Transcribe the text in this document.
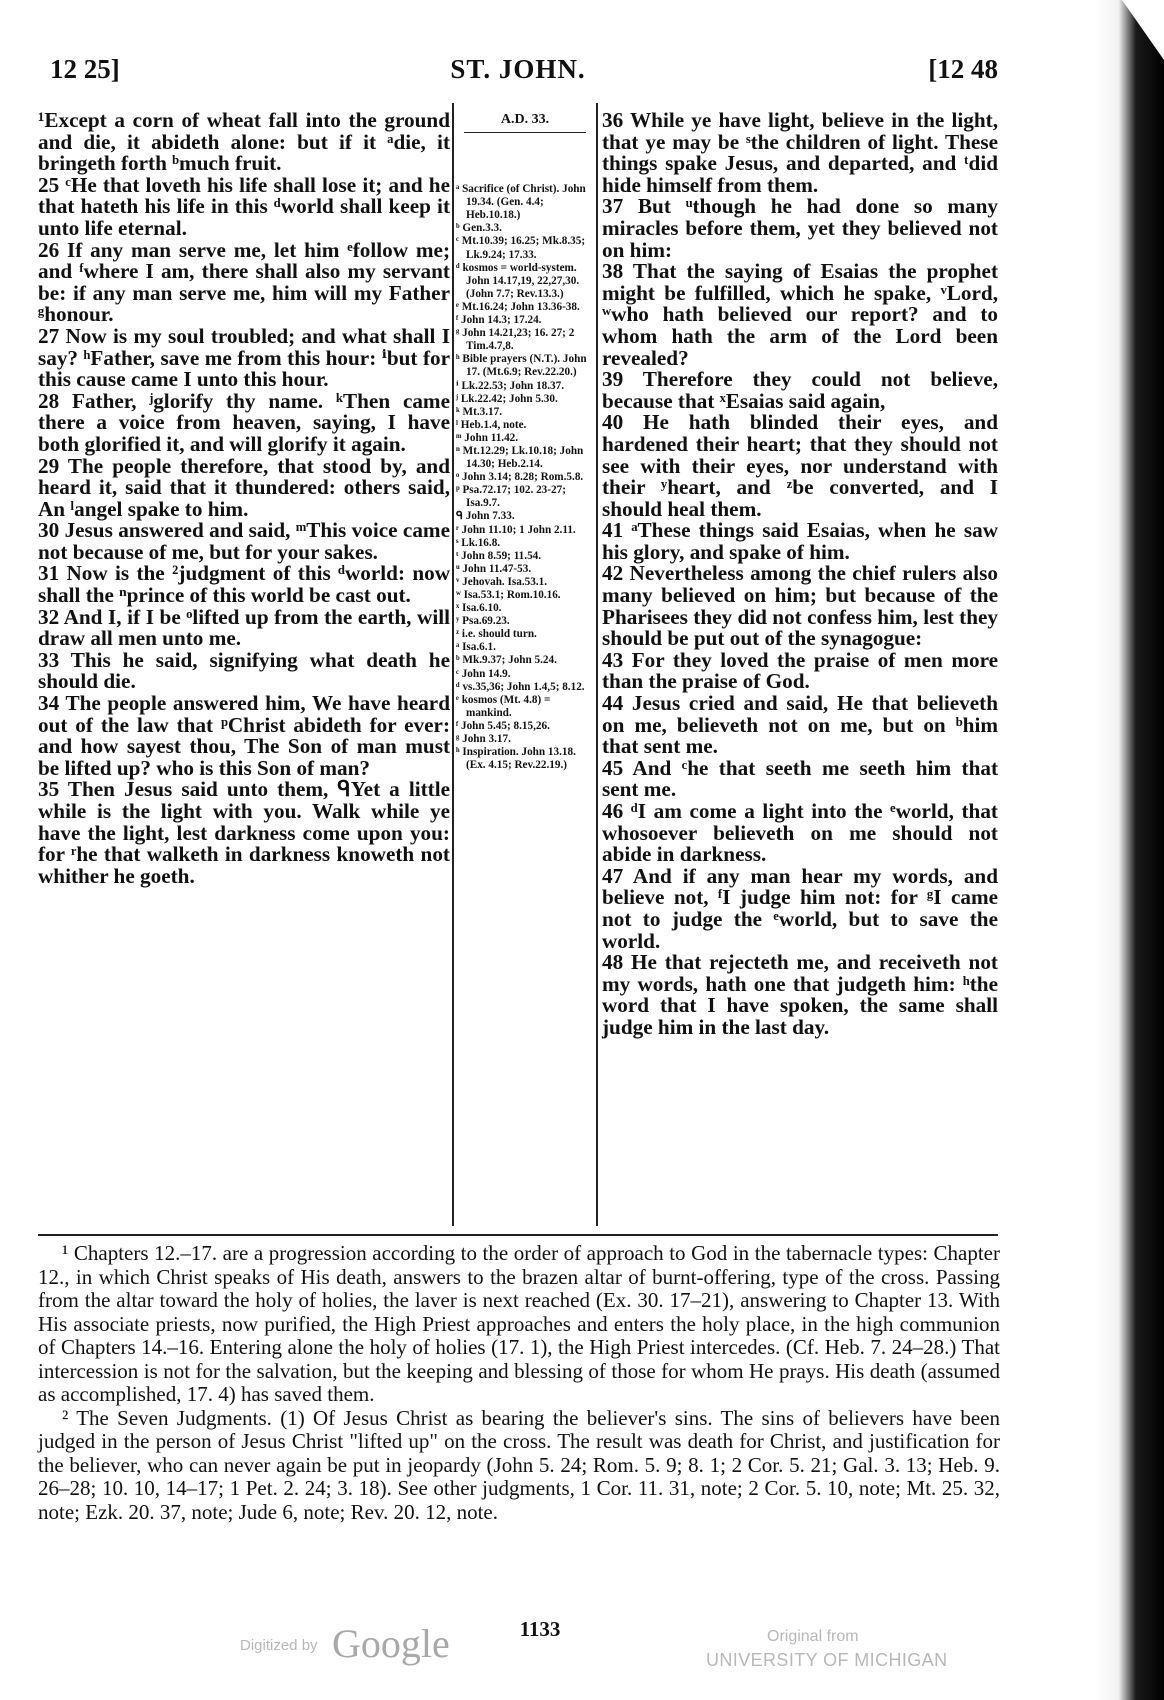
12 25]	ST. JOHN.	[12 48

¹Except a corn of wheat fall into the ground and die, it abideth alone: but if it ᵃdie, it bringeth forth ᵇmuch fruit.

25 ᶜHe that loveth his life shall lose it; and he that hateth his life in this ᵈworld shall keep it unto life eternal.

26 If any man serve me, let him ᵉfollow me; and ᶠwhere I am, there shall also my servant be: if any man serve me, him will my Father ᵍhonour.

27 Now is my soul troubled; and what shall I say? ʰFather, save me from this hour: ⁱbut for this cause came I unto this hour.

28 Father, ʲglorify thy name. ᵏThen came there a voice from heaven, saying, I have both glorified it, and will glorify it again.

29 The people therefore, that stood by, and heard it, said that it thundered: others said, An ˡangel spake to him.

30 Jesus answered and said, ᵐThis voice came not because of me, but for your sakes.

31 Now is the ²judgment of this ᵈworld: now shall the ⁿprince of this world be cast out.

32 And I, if I be ᵒlifted up from the earth, will draw all men unto me.

33 This he said, signifying what death he should die.

34 The people answered him, We have heard out of the law that ᵖChrist abideth for ever: and how sayest thou, The Son of man must be lifted up? who is this Son of man?

35 Then Jesus said unto them, ᑫYet a little while is the light with you. Walk while ye have the light, lest darkness come upon you: for ʳhe that walketh in darkness knoweth not whither he goeth.

A.D. 33.
ᵃ Sacrifice (of Christ). John 19.34. (Gen. 4.4; Heb.10.18.)
ᵇ Gen.3.3.
ᶜ Mt.10.39; 16.25; Mk.8.35; Lk.9.24; 17.33.
ᵈ kosmos = world-system. John 14.17,19, 22,27,30. (John 7.7; Rev.13.3.)
ᵉ Mt.16.24; John 13.36-38.
ᶠ John 14.3; 17.24.
ᵍ John 14.21,23; 16. 27; 2 Tim.4.7,8.
ʰ Bible prayers (N.T.). John 17. (Mt.6.9; Rev.22.20.)
ⁱ Lk.22.53; John 18.37.
ʲ Lk.22.42; John 5.30.
ᵏ Mt.3.17.
ˡ Heb.1.4, note.
ᵐ John 11.42.
ⁿ Mt.12.29; Lk.10.18; John 14.30; Heb.2.14.
ᵒ John 3.14; 8.28; Rom.5.8.
ᵖ Psa.72.17; 102. 23-27; Isa.9.7.
ᑫ John 7.33.
ʳ John 11.10; 1 John 2.11.
ˢ Lk.16.8.
ᵗ John 8.59; 11.54.
ᵘ John 11.47-53.
ᵛ Jehovah. Isa.53.1.
ʷ Isa.53.1; Rom.10.16.
ˣ Isa.6.10.
ʸ Psa.69.23.
ᶻ i.e. should turn.
ᵃ Isa.6.1.
ᵇ Mk.9.37; John 5.24.
ᶜ John 14.9.
ᵈ vs.35,36; John 1.4,5; 8.12.
ᵉ kosmos (Mt. 4.8) = mankind.
ᶠ John 5.45; 8.15,26.
ᵍ John 3.17.
ʰ Inspiration. John 13.18. (Ex. 4.15; Rev.22.19.)

36 While ye have light, believe in the light, that ye may be ˢthe children of light. These things spake Jesus, and departed, and ᵗdid hide himself from them.

37 But ᵘthough he had done so many miracles before them, yet they believed not on him:

38 That the saying of Esaias the prophet might be fulfilled, which he spake, ᵛLord, ʷwho hath believed our report? and to whom hath the arm of the Lord been revealed?

39 Therefore they could not believe, because that ˣEsaias said again,

40 He hath blinded their eyes, and hardened their heart; that they should not see with their eyes, nor understand with their ʸheart, and ᶻbe converted, and I should heal them.

41 ᵃThese things said Esaias, when he saw his glory, and spake of him.

42 Nevertheless among the chief rulers also many believed on him; but because of the Pharisees they did not confess him, lest they should be put out of the synagogue:

43 For they loved the praise of men more than the praise of God.

44 Jesus cried and said, He that believeth on me, believeth not on me, but on ᵇhim that sent me.

45 And ᶜhe that seeth me seeth him that sent me.

46 ᵈI am come a light into the ᵉworld, that whosoever believeth on me should not abide in darkness.

47 And if any man hear my words, and believe not, ᶠI judge him not: for ᵍI came not to judge the ᵉworld, but to save the world.

48 He that rejecteth me, and receiveth not my words, hath one that judgeth him: ʰthe word that I have spoken, the same shall judge him in the last day.

¹ Chapters 12.–17. are a progression according to the order of approach to God in the tabernacle types: Chapter 12., in which Christ speaks of His death, answers to the brazen altar of burnt-offering, type of the cross. Passing from the altar toward the holy of holies, the laver is next reached (Ex. 30. 17–21), answering to Chapter 13. With His associate priests, now purified, the High Priest approaches and enters the holy place, in the high communion of Chapters 14.–16. Entering alone the holy of holies (17. 1), the High Priest intercedes. (Cf. Heb. 7. 24–28.) That intercession is not for the salvation, but the keeping and blessing of those for whom He prays. His death (assumed as accomplished, 17. 4) has saved them.

² The Seven Judgments. (1) Of Jesus Christ as bearing the believer's sins. The sins of believers have been judged in the person of Jesus Christ "lifted up" on the cross. The result was death for Christ, and justification for the believer, who can never again be put in jeopardy (John 5. 24; Rom. 5. 9; 8. 1; 2 Cor. 5. 21; Gal. 3. 13; Heb. 9. 26–28; 10. 10, 14–17; 1 Pet. 2. 24; 3. 18). See other judgments, 1 Cor. 11. 31, note; 2 Cor. 5. 10, note; Mt. 25. 32, note; Ezk. 20. 37, note; Jude 6, note; Rev. 20. 12, note.

1133
Digitized by Google	Original from
UNIVERSITY OF MICHIGAN
